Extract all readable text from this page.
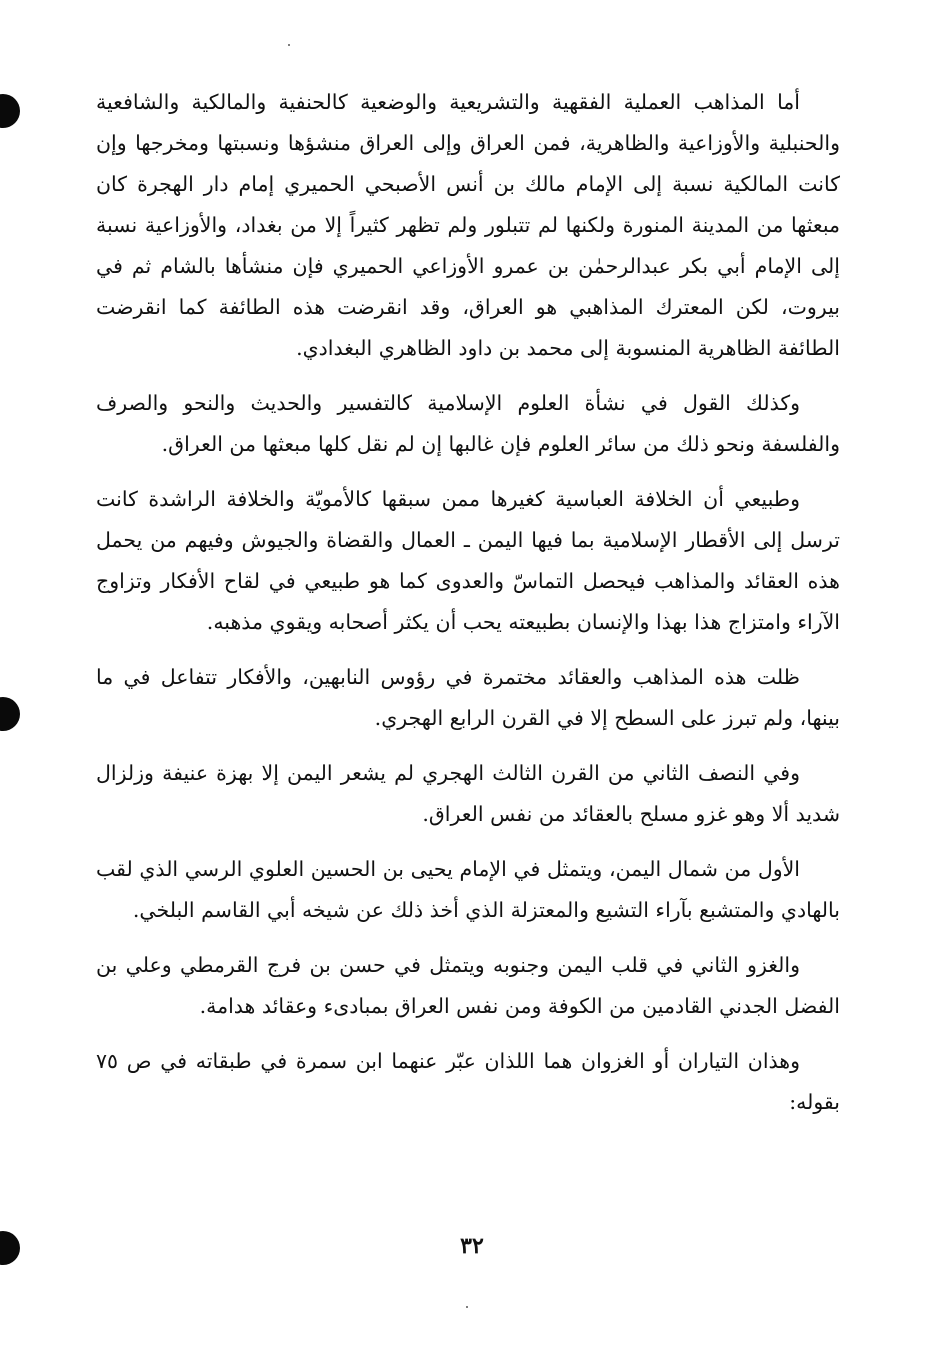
أما المذاهب العملية الفقهية والتشريعية والوضعية كالحنفية والمالكية والشافعية والحنبلية والأوزاعية والظاهرية، فمن العراق وإلى العراق منشؤها ونسبتها ومخرجها وإن كانت المالكية نسبة إلى الإمام مالك بن أنس الأصبحي الحميري إمام دار الهجرة كان مبعثها من المدينة المنورة ولكنها لم تتبلور ولم تظهر كثيراً إلا من بغداد، والأوزاعية نسبة إلى الإمام أبي بكر عبدالرحمٰن بن عمرو الأوزاعي الحميري فإن منشأها بالشام ثم في بيروت، لكن المعترك المذاهبي هو العراق، وقد انقرضت هذه الطائفة كما انقرضت الطائفة الظاهرية المنسوبة إلى محمد بن داود الظاهري البغدادي.

وكذلك القول في نشأة العلوم الإسلامية كالتفسير والحديث والنحو والصرف والفلسفة ونحو ذلك من سائر العلوم فإن غالبها إن لم نقل كلها مبعثها من العراق.

وطبيعي أن الخلافة العباسية كغيرها ممن سبقها كالأمويّة والخلافة الراشدة كانت ترسل إلى الأقطار الإسلامية بما فيها اليمن ـ العمال والقضاة والجيوش وفيهم من يحمل هذه العقائد والمذاهب فيحصل التماسّ والعدوى كما هو طبيعي في لقاح الأفكار وتزاوج الآراء وامتزاج هذا بهذا والإنسان بطبيعته يحب أن يكثر أصحابه ويقوي مذهبه.

ظلت هذه المذاهب والعقائد مختمرة في رؤوس النابهين، والأفكار تتفاعل في ما بينها، ولم تبرز على السطح إلا في القرن الرابع الهجري.

وفي النصف الثاني من القرن الثالث الهجري لم يشعر اليمن إلا بهزة عنيفة وزلزال شديد ألا وهو غزو مسلح بالعقائد من نفس العراق.

الأول من شمال اليمن، ويتمثل في الإمام يحيى بن الحسين العلوي الرسي الذي لقب بالهادي والمتشبع بآراء التشيع والمعتزلة الذي أخذ ذلك عن شيخه أبي القاسم البلخي.

والغزو الثاني في قلب اليمن وجنوبه ويتمثل في حسن بن فرج القرمطي وعلي بن الفضل الجدني القادمين من الكوفة ومن نفس العراق بمبادىء وعقائد هدامة.

وهذان التياران أو الغزوان هما اللذان عبّر عنهما ابن سمرة في طبقاته في ص ٧٥ بقوله:

٣٢
